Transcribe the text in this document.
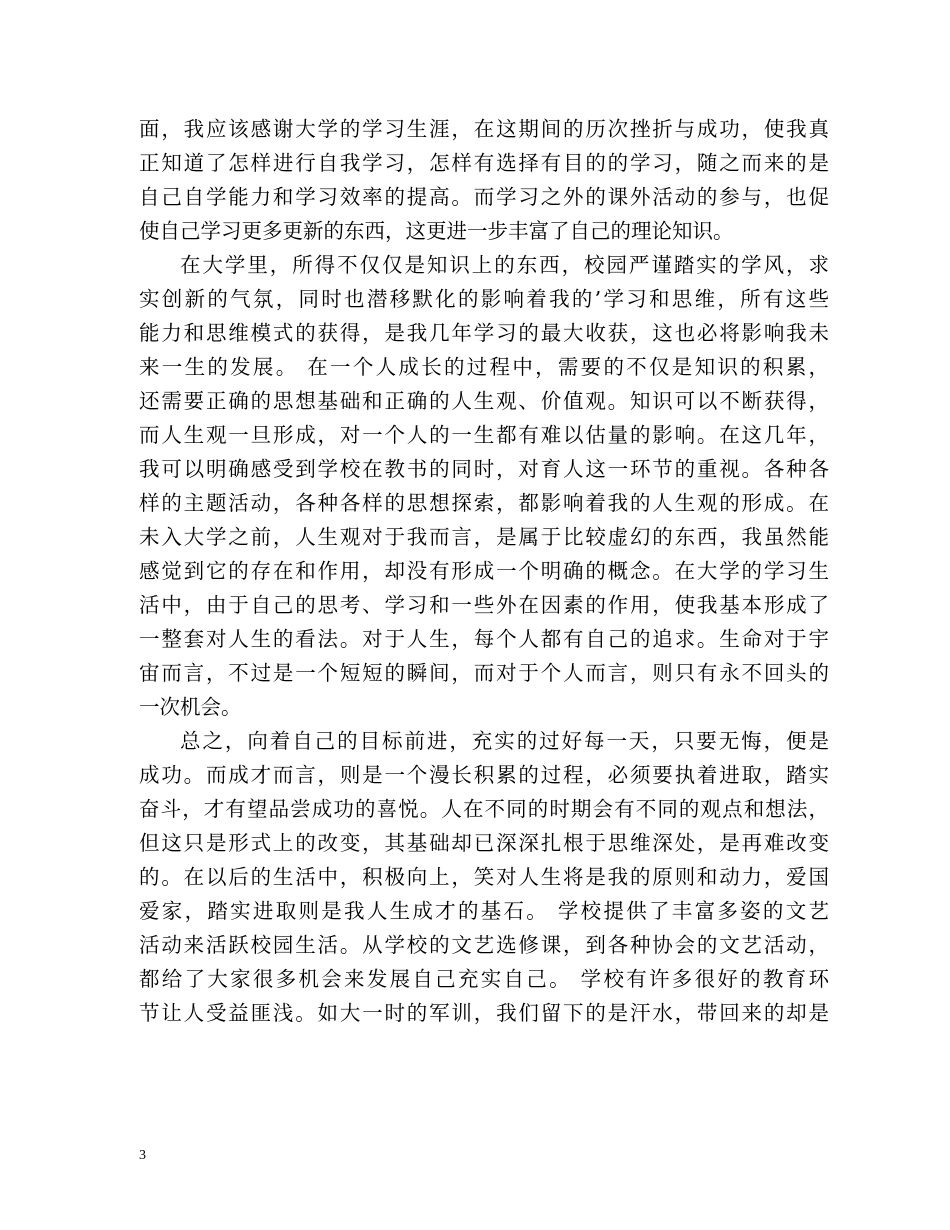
面，我应该感谢大学的学习生涯，在这期间的历次挫折与成功，使我真
正知道了怎样进行自我学习，怎样有选择有目的的学习，随之而来的是
自己自学能力和学习效率的提高。而学习之外的课外活动的参与，也促
使自己学习更多更新的东西，这更进一步丰富了自己的理论知识。
在大学里，所得不仅仅是知识上的东西，校园严谨踏实的学风，求
实创新的气氛，同时也潜移默化的影响着我的’学习和思维，所有这些
能力和思维模式的获得，是我几年学习的最大收获，这也必将影响我未
来一生的发展。 在一个人成长的过程中，需要的不仅是知识的积累，
还需要正确的思想基础和正确的人生观、价值观。知识可以不断获得，
而人生观一旦形成，对一个人的一生都有难以估量的影响。在这几年，
我可以明确感受到学校在教书的同时，对育人这一环节的重视。各种各
样的主题活动，各种各样的思想探索，都影响着我的人生观的形成。在
未入大学之前，人生观对于我而言，是属于比较虚幻的东西，我虽然能
感觉到它的存在和作用，却没有形成一个明确的概念。在大学的学习生
活中，由于自己的思考、学习和一些外在因素的作用，使我基本形成了
一整套对人生的看法。对于人生，每个人都有自己的追求。生命对于宇
宙而言，不过是一个短短的瞬间，而对于个人而言，则只有永不回头的
一次机会。
总之，向着自己的目标前进，充实的过好每一天，只要无悔，便是
成功。而成才而言，则是一个漫长积累的过程，必须要执着进取，踏实
奋斗，才有望品尝成功的喜悦。人在不同的时期会有不同的观点和想法，
但这只是形式上的改变，其基础却已深深扎根于思维深处，是再难改变
的。在以后的生活中，积极向上，笑对人生将是我的原则和动力，爱国
爱家，踏实进取则是我人生成才的基石。 学校提供了丰富多姿的文艺
活动来活跃校园生活。从学校的文艺选修课，到各种协会的文艺活动，
都给了大家很多机会来发展自己充实自己。 学校有许多很好的教育环
节让人受益匪浅。如大一时的军训，我们留下的是汗水，带回来的却是
3
